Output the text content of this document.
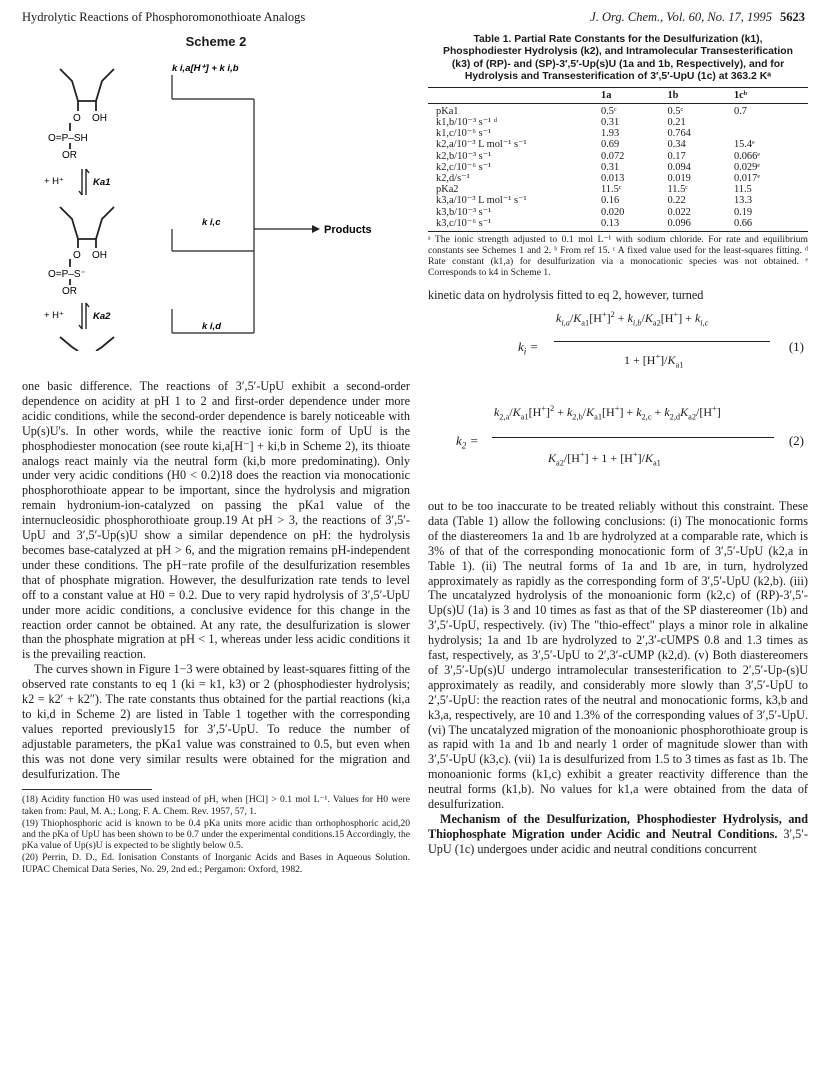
Hydrolytic Reactions of Phosphoromonothioate Analogs	J. Org. Chem., Vol. 60, No. 17, 1995 5623
Scheme 2
O OH
O=P–SH
OR
+ H⁺	Ka1
O OH
O=P–S⁻
OR
+ H⁺	Ka2
k i,a[H⁺] + k i,b
k i,c
k i,d
Products

one basic difference. The reactions of 3′,5′-UpU exhibit a second-order dependence on acidity at pH 1 to 2 and first-order dependence under more acidic conditions, while the second-order dependence is barely noticeable with Up(s)U's. In other words, while the reactive ionic form of UpU is the phosphodiester monocation (see route ki,a[H⁻] + ki,b in Scheme 2), its thioate analogs react mainly via the neutral form (ki,b more predominating). Only under very acidic conditions (H0 < 0.2)18 does the reaction via monocationic phosphorothioate appear to be important, since the hydrolysis and migration remain hydronium-ion-catalyzed on passing the pKa1 value of the internucleosidic phosphorothioate group.19 At pH > 3, the reactions of 3′,5′-UpU and 3′,5′-Up(s)U show a similar dependence on pH: the hydrolysis becomes base-catalyzed at pH > 6, and the migration remains pH-independent under these conditions. The pH−rate profile of the desulfurization resembles that of phosphate migration. However, the desulfurization rate tends to level off to a constant value at H0 = 0.2. Due to very rapid hydrolysis of 3′,5′-UpU under more acidic conditions, a conclusive evidence for this change in the reaction order cannot be obtained. At any rate, the desulfurization is slower than the phosphate migration at pH < 1, whereas under less acidic conditions it is the prevailing reaction.

The curves shown in Figure 1−3 were obtained by least-squares fitting of the observed rate constants to eq 1 (ki = k1, k3) or 2 (phosphodiester hydrolysis; k2 = k2′ + k2″). The rate constants thus obtained for the partial reactions (ki,a to ki,d in Scheme 2) are listed in Table 1 together with the corresponding values reported previously15 for 3′,5′-UpU. To reduce the number of adjustable parameters, the pKa1 value was constrained to 0.5, but even when this was not done very similar results were obtained for the migration and desulfurization. The

(18) Acidity function H0 was used instead of pH, when [HCl] > 0.1 mol L⁻¹. Values for H0 were taken from: Paul, M. A.; Long, F. A. Chem. Rev. 1957, 57, 1.

(19) Thiophosphoric acid is known to be 0.4 pKa units more acidic than orthophosphoric acid,20 and the pKa of UpU has been shown to be 0.7 under the experimental conditions.15 Accordingly, the pKa value of Up(s)U is expected to be slightly below 0.5.

(20) Perrin, D. D., Ed. Ionisation Constants of Inorganic Acids and Bases in Aqueous Solution. IUPAC Chemical Data Series, No. 29, 2nd ed.; Pergamon: Oxford, 1982.

Table 1. Partial Rate Constants for the Desulfurization (k1), Phosphodiester Hydrolysis (k2), and Intramolecular Transesterification (k3) of (RP)- and (SP)-3′,5′-Up(s)U (1a and 1b, Respectively), and for Hydrolysis and Transesterification of 3′,5′-UpU (1c) at 363.2 Kᵃ
	1a	1b	1cᵇ
pKa1	0.5ᶜ	0.5ᶜ	0.7
k1,b/10⁻³ s⁻¹ ᵈ	0.31	0.21	
k1,c/10⁻⁶ s⁻¹	1.93	0.764	
k2,a/10⁻³ L mol⁻¹ s⁻¹	0.69	0.34	15.4ᵉ
k2,b/10⁻³ s⁻¹	0.072	0.17	0.066ᵉ
k2,c/10⁻⁶ s⁻¹	0.31	0.094	0.029ᵉ
k2,d/s⁻¹	0.013	0.019	0.017ᵉ
pKa2	11.5ᶜ	11.5ᶜ	11.5
k3,a/10⁻³ L mol⁻¹ s⁻¹	0.16	0.22	13.3
k3,b/10⁻³ s⁻¹	0.020	0.022	0.19
k3,c/10⁻⁶ s⁻¹	0.13	0.096	0.66

ᵃ The ionic strength adjusted to 0.1 mol L⁻¹ with sodium chloride. For rate and equilibrium constants see Schemes 1 and 2. ᵇ From ref 15. ᶜ A fixed value used for the least-squares fitting. ᵈ Rate constant (k1,a) for desulfurization via a monocationic species was not obtained. ᵉ Corresponds to k4 in Scheme 1.

kinetic data on hydrolysis fitted to eq 2, however, turned
$k_i$ =
$k_{i,a}/K_{a1}[H^+]^2 + k_{i,b}/K_{a2}[H^+] + k_{i,c}$
$1 + [H^+]/K_{a1}$
(1)
$k_2$ =
$k_{2,a}/K_{a1}[H^+]^2 + k_{2,b}/K_{a1}[H^+] + k_{2,c} + k_{2,d}K_{a2}/[H^+]$
$K_{a2}/[H^+] + 1 + [H^+]/K_{a1}$
(2)

out to be too inaccurate to be treated reliably without this constraint. These data (Table 1) allow the following conclusions: (i) The monocationic forms of the diastereomers 1a and 1b are hydrolyzed at a comparable rate, which is 3% of that of the corresponding monocationic form of 3′,5′-UpU (k2,a in Table 1). (ii) The neutral forms of 1a and 1b are, in turn, hydrolyzed approximately as rapidly as the corresponding form of 3′,5′-UpU (k2,b). (iii) The uncatalyzed hydrolysis of the monoanionic form (k2,c) of (RP)-3′,5′-Up(s)U (1a) is 3 and 10 times as fast as that of the SP diastereomer (1b) and 3′,5′-UpU, respectively. (iv) The "thio-effect" plays a minor role in alkaline hydrolysis; 1a and 1b are hydrolyzed to 2′,3′-cUMPS 0.8 and 1.3 times as fast, respectively, as 3′,5′-UpU to 2′,3′-cUMP (k2,d). (v) Both diastereomers of 3′,5′-Up(s)U undergo intramolecular transesterification to 2′,5′-Up-(s)U approximately as readily, and considerably more slowly than 3′,5′-UpU to 2′,5′-UpU: the reaction rates of the neutral and monocationic forms, k3,b and k3,a, respectively, are 10 and 1.3% of the corresponding values of 3′,5′-UpU. (vi) The uncatalyzed migration of the monoanionic phosphorothioate group is as rapid with 1a and 1b and nearly 1 order of magnitude slower than with 3′,5′-UpU (k3,c). (vii) 1a is desulfurized from 1.5 to 3 times as fast as 1b. The monoanionic forms (k1,c) exhibit a greater reactivity difference than the neutral forms (k1,b). No values for k1,a were obtained from the data of desulfurization.

Mechanism of the Desulfurization, Phosphodiester Hydrolysis, and Thiophosphate Migration under Acidic and Neutral Conditions. 3′,5′-UpU (1c) undergoes under acidic and neutral conditions concurrent
